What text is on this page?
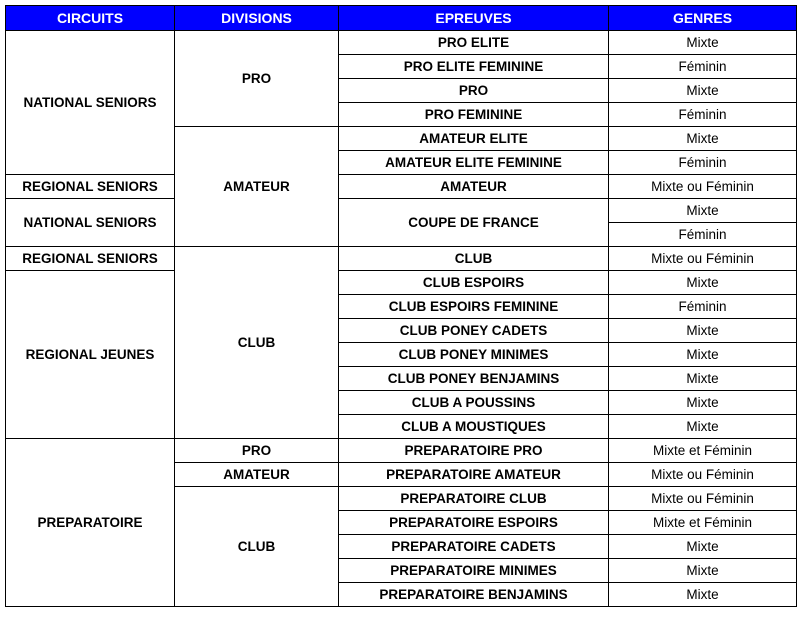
CIRCUITS	DIVISIONS	EPREUVES	GENRES
NATIONAL SENIORS	PRO	PRO ELITE	Mixte
		PRO ELITE FEMININE	Féminin
		PRO	Mixte
		PRO FEMININE	Féminin
	AMATEUR	AMATEUR ELITE	Mixte
		AMATEUR ELITE FEMININE	Féminin
REGIONAL SENIORS		AMATEUR	Mixte ou Féminin
NATIONAL SENIORS		COUPE DE FRANCE	Mixte
			Féminin
REGIONAL SENIORS	CLUB	CLUB	Mixte ou Féminin
REGIONAL JEUNES		CLUB ESPOIRS	Mixte
		CLUB ESPOIRS FEMININE	Féminin
		CLUB PONEY CADETS	Mixte
		CLUB PONEY MINIMES	Mixte
		CLUB PONEY BENJAMINS	Mixte
		CLUB A POUSSINS	Mixte
		CLUB A MOUSTIQUES	Mixte
PREPARATOIRE	PRO	PREPARATOIRE PRO	Mixte et Féminin
	AMATEUR	PREPARATOIRE AMATEUR	Mixte ou Féminin
	CLUB	PREPARATOIRE CLUB	Mixte ou Féminin
		PREPARATOIRE ESPOIRS	Mixte et Féminin
		PREPARATOIRE CADETS	Mixte
		PREPARATOIRE MINIMES	Mixte
		PREPARATOIRE BENJAMINS	Mixte
